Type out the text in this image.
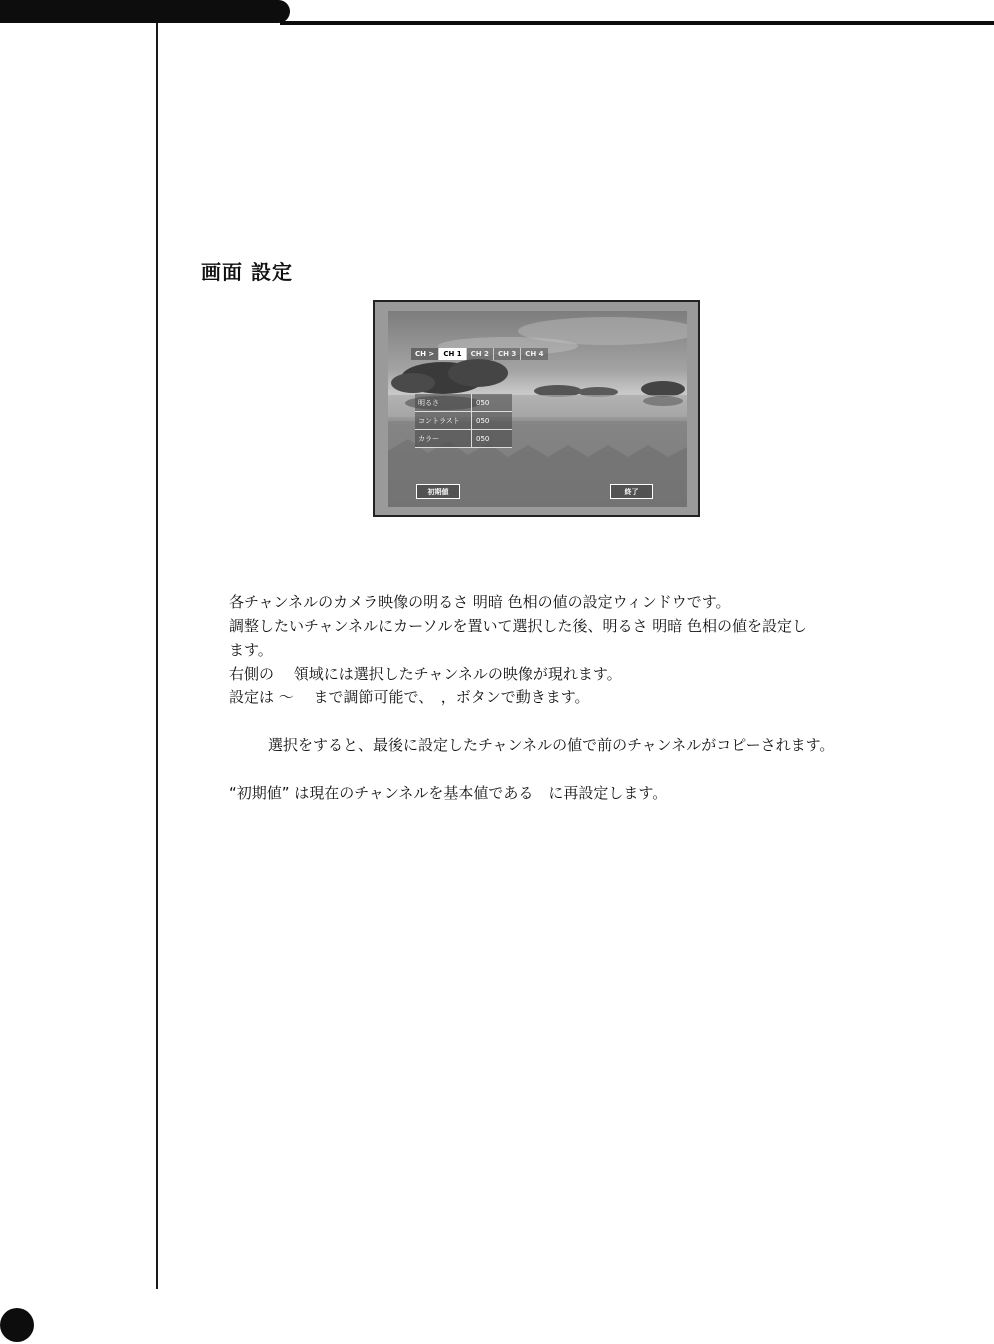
画面 設定
CH >	CH 1	CH 2	CH 3	CH 4
明るさ	050
コントラスト	050
カラー	050
初期値	終了

各チャンネルのカメラ映像の明るさ 明暗 色相の値の設定ウィンドウです。

調整したいチャンネルにカーソルを置いて選択した後、明るさ 明暗 色相の値を設定し

ます。

右側の　 領域には選択したチャンネルの映像が現れます。

設定は ～　 まで調節可能で、　，ボタンで動きます。

選択をすると、最後に設定したチャンネルの値で前のチャンネルがコピーされます。

“初期値” は現在のチャンネルを基本値である　に再設定します。
